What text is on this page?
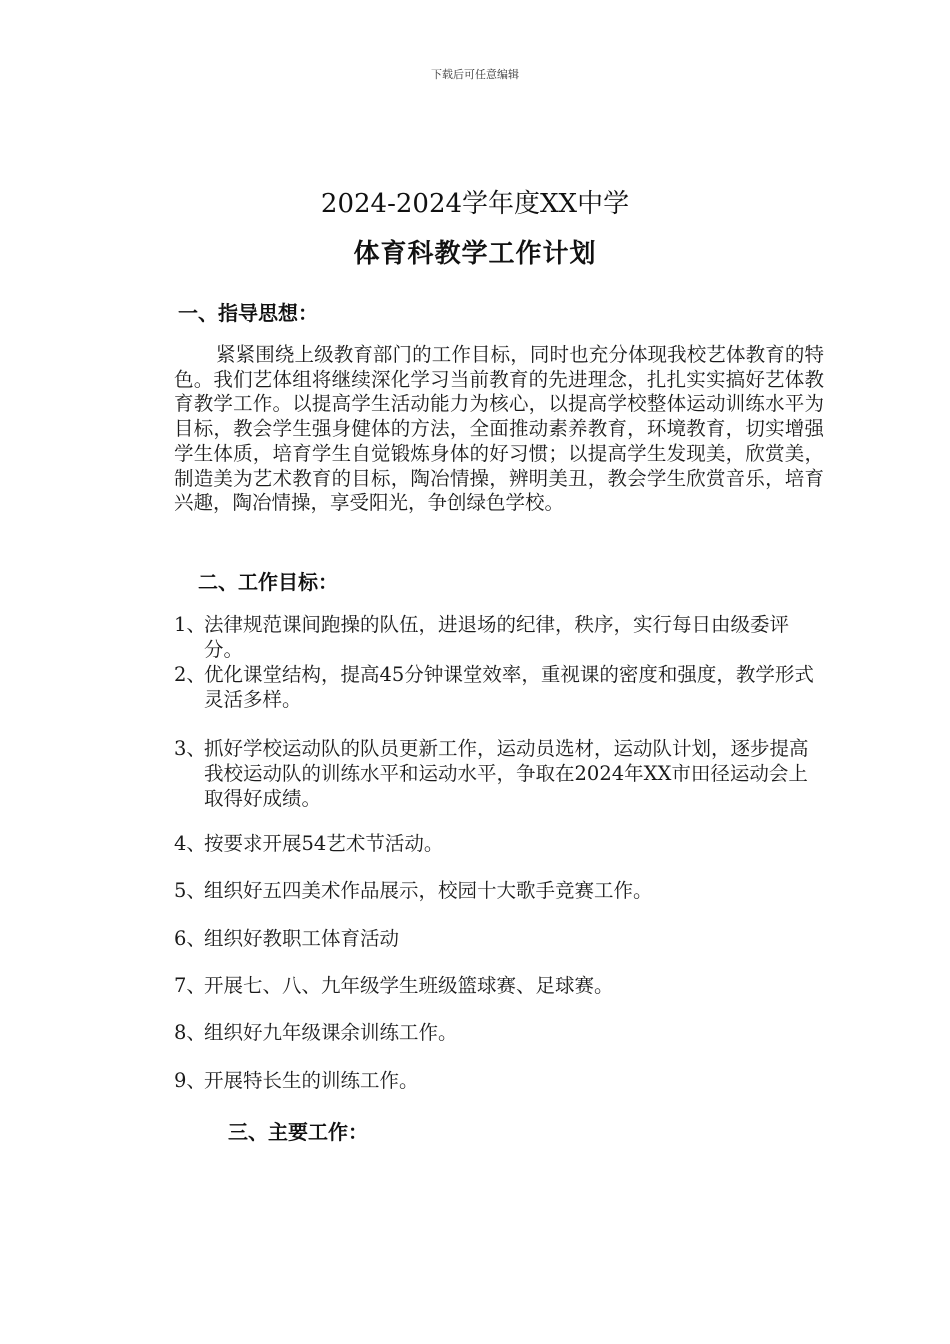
下载后可任意编辑
2024-2024学年度XX中学
体育科教学工作计划
一、指导思想：
紧紧围绕上级教育部门的工作目标，同时也充分体现我校艺体教育的特色。我们艺体组将继续深化学习当前教育的先进理念，扎扎实实搞好艺体教育教学工作。以提高学生活动能力为核心，以提高学校整体运动训练水平为目标，教会学生强身健体的方法，全面推动素养教育，环境教育，切实增强学生体质，培育学生自觉锻炼身体的好习惯；以提高学生发现美，欣赏美，制造美为艺术教育的目标，陶冶情操，辨明美丑，教会学生欣赏音乐，培育兴趣，陶冶情操，享受阳光，争创绿色学校。
二、工作目标：
1、
法律规范课间跑操的队伍，进退场的纪律，秩序，实行每日由级委评分。
2、
优化课堂结构，提高45分钟课堂效率，重视课的密度和强度，教学形式灵活多样。
3、
抓好学校运动队的队员更新工作，运动员选材，运动队计划，逐步提高我校运动队的训练水平和运动水平，争取在2024年XX市田径运动会上取得好成绩。
4、
按要求开展54艺术节活动。
5、
组织好五四美术作品展示，校园十大歌手竞赛工作。
6、
组织好教职工体育活动
7、
开展七、八、九年级学生班级篮球赛、足球赛。
8、
组织好九年级课余训练工作。
9、
开展特长生的训练工作。
三、主要工作：
